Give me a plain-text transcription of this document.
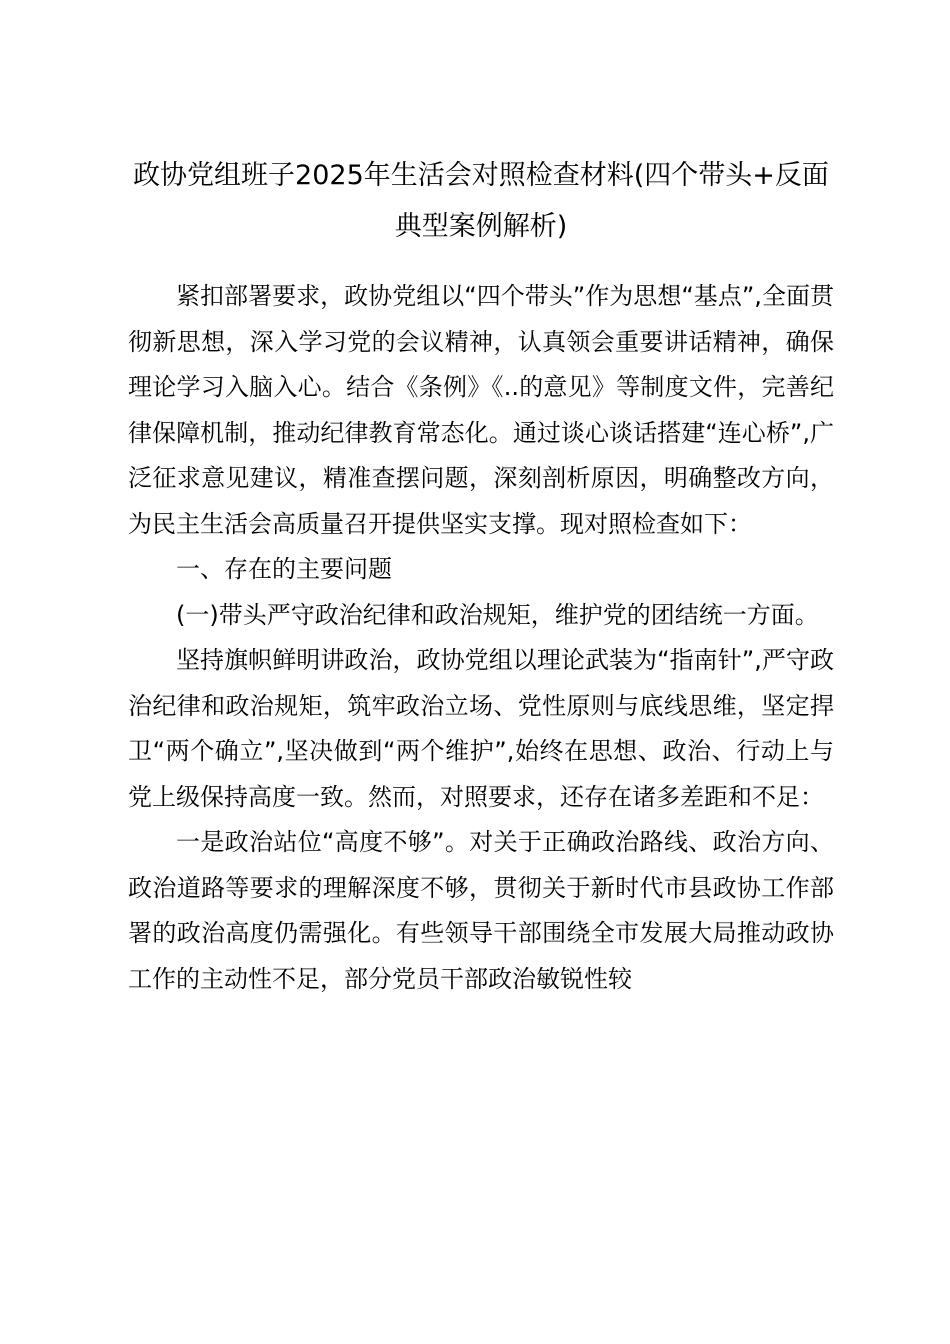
政协党组班子2025年生活会对照检查材料(四个带头+反面典型案例解析)

紧扣部署要求，政协党组以“四个带头”作为思想“基点”,全面贯彻新思想，深入学习党的会议精神，认真领会重要讲话精神，确保理论学习入脑入心。结合《条例》《..的意见》等制度文件，完善纪律保障机制，推动纪律教育常态化。通过谈心谈话搭建“连心桥”,广泛征求意见建议，精准查摆问题，深刻剖析原因，明确整改方向，为民主生活会高质量召开提供坚实支撑。现对照检查如下：

一、存在的主要问题

(一)带头严守政治纪律和政治规矩，维护党的团结统一方面。

坚持旗帜鲜明讲政治，政协党组以理论武装为“指南针”,严守政治纪律和政治规矩，筑牢政治立场、党性原则与底线思维，坚定捍卫“两个确立”,坚决做到“两个维护”,始终在思想、政治、行动上与党上级保持高度一致。然而，对照要求，还存在诸多差距和不足：

一是政治站位“高度不够”。对关于正确政治路线、政治方向、政治道路等要求的理解深度不够，贯彻关于新时代市县政协工作部署的政治高度仍需强化。有些领导干部围绕全市发展大局推动政协工作的主动性不足，部分党员干部政治敏锐性较
